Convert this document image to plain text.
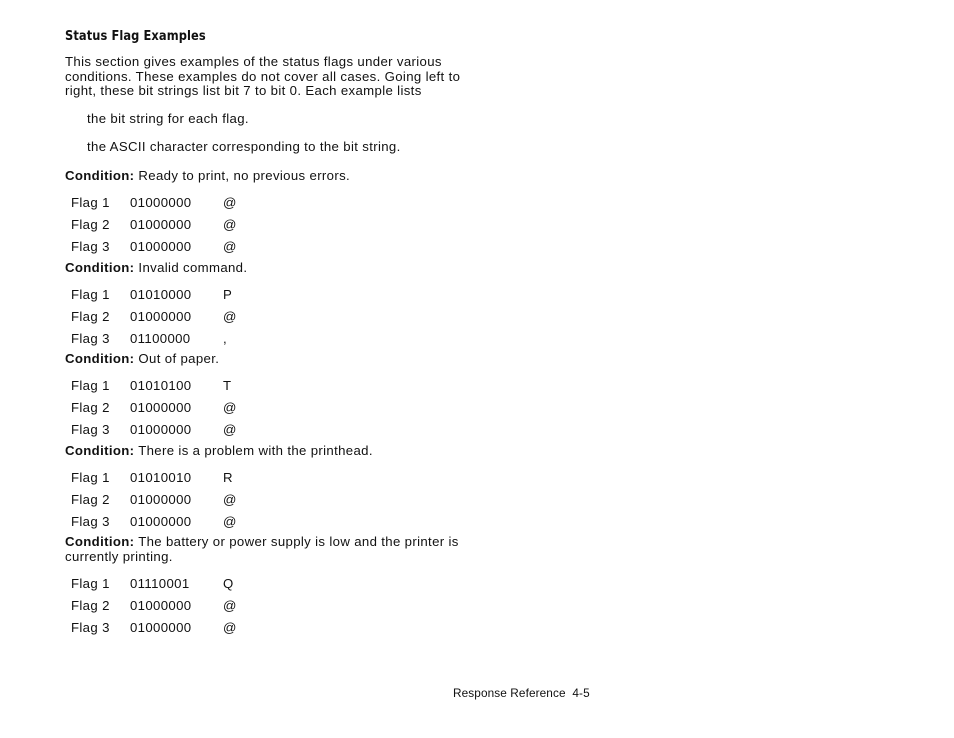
Status Flag Examples

This section gives examples of the status flags under various
conditions. These examples do not cover all cases. Going left to
right, these bit strings list bit 7 to bit 0. Each example lists

the bit string for each flag.
the ASCII character corresponding to the bit string.

Condition: Ready to print, no previous errors.

Flag 1	01000000	@
Flag 2	01000000	@
Flag 3	01000000	@

Condition: Invalid command.

Flag 1	01010000	P
Flag 2	01000000	@
Flag 3	01100000	,

Condition: Out of paper.

Flag 1	01010100	T
Flag 2	01000000	@
Flag 3	01000000	@

Condition: There is a problem with the printhead.

Flag 1	01010010	R
Flag 2	01000000	@
Flag 3	01000000	@

Condition: The battery or power supply is low and the printer is
currently printing.

Flag 1	01110001	Q
Flag 2	01000000	@
Flag 3	01000000	@
Response Reference  4-5
